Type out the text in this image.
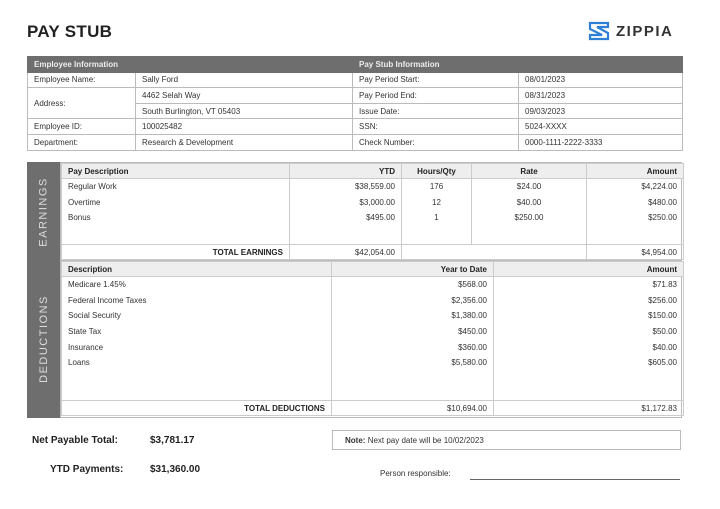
PAY STUB	ZIPPIA
Employee Information		Pay Stub Information	
Employee Name:	Sally Ford	Pay Period Start:	08/01/2023
Address:	4462 Selah Way	Pay Period End:	08/31/2023
	South Burlington, VT 05403	Issue Date:	09/03/2023
Employee ID:	100025482	SSN:	5024-XXXX
Department:	Research & Development	Check Number:	0000-1111-2222-3333
EARNINGS
Pay Description	YTD	Hours/Qty	Rate	Amount
Regular Work	$38,559.00	176	$24.00	$4,224.00
Overtime	$3,000.00	12	$40.00	$480.00
Bonus	$495.00	1	$250.00	$250.00

TOTAL EARNINGS	$42,054.00			$4,954.00
DEDUCTIONS
Description	Year to Date	Amount
Medicare 1.45%	$568.00	$71.83
Federal Income Taxes	$2,356.00	$256.00
Social Security	$1,380.00	$150.00
State Tax	$450.00	$50.00
Insurance	$360.00	$40.00
Loans	$5,580.00	$605.00

TOTAL DEDUCTIONS	$10,694.00	$1,172.83
Net Payable Total:	$3,781.17
YTD Payments:	$31,360.00
Note: Next pay date will be 10/02/2023
Person responsible:
